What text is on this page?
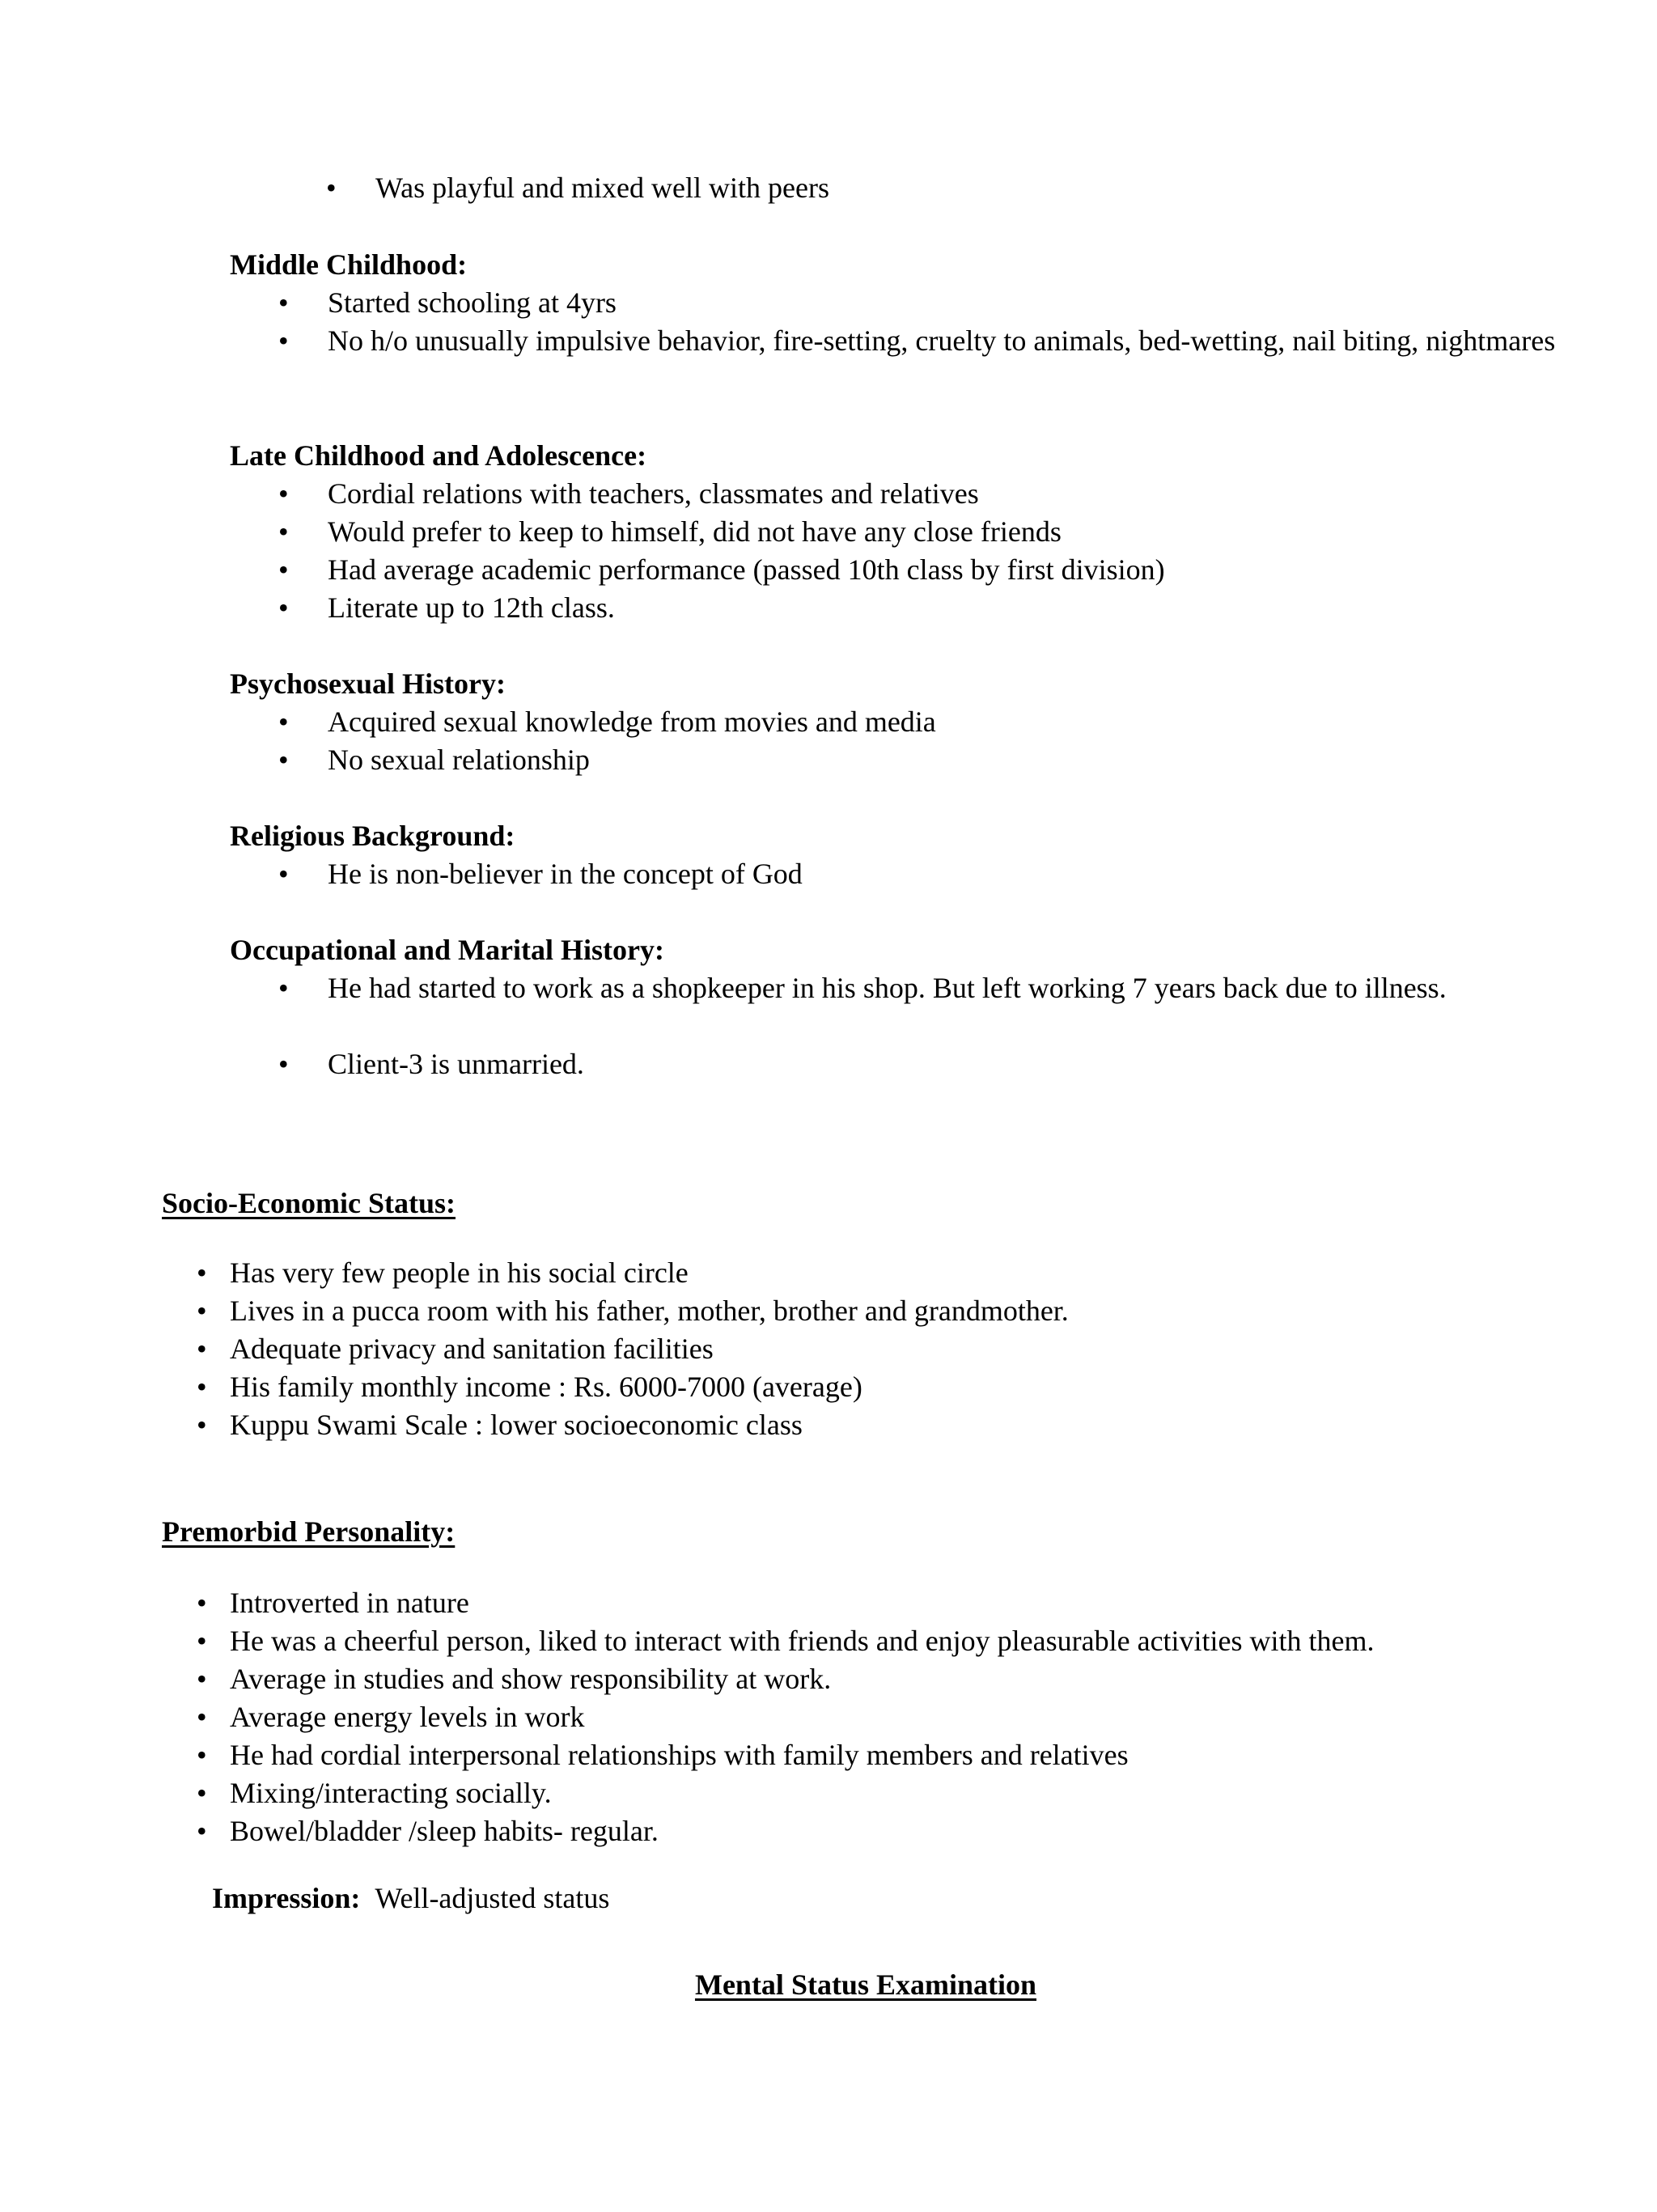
•	Was playful and mixed well with peers
Middle Childhood:
•	Started schooling at 4yrs
•	No h/o unusually impulsive behavior, fire-setting, cruelty to animals, bed-wetting, nail biting, nightmares
Late Childhood and Adolescence:
•	Cordial relations with teachers, classmates and relatives
•	Would prefer to keep to himself, did not have any close friends
•	Had average academic performance (passed 10th class by first division)
•	Literate up to 12th class.
Psychosexual History:
•	Acquired sexual knowledge from movies and media
•	No sexual relationship
Religious Background:
•	He is non-believer in the concept of God
Occupational and Marital History:
•	He had started to work as a shopkeeper in his shop. But left working 7 years back due to illness.
•	Client-3 is unmarried.
Socio-Economic Status:
• Has very few people in his social circle
• Lives in a pucca room with his father, mother, brother and grandmother.
• Adequate privacy and sanitation facilities
• His family monthly income : Rs. 6000-7000 (average)
• Kuppu Swami Scale : lower socioeconomic class
Premorbid Personality:
• Introverted in nature
• He was a cheerful person, liked to interact with friends and enjoy pleasurable activities with them.
• Average in studies and show responsibility at work.
• Average energy levels in work
• He had cordial interpersonal relationships with family members and relatives
• Mixing/interacting socially.
• Bowel/bladder /sleep habits- regular.

Impression: Well-adjusted status

Mental Status Examination
